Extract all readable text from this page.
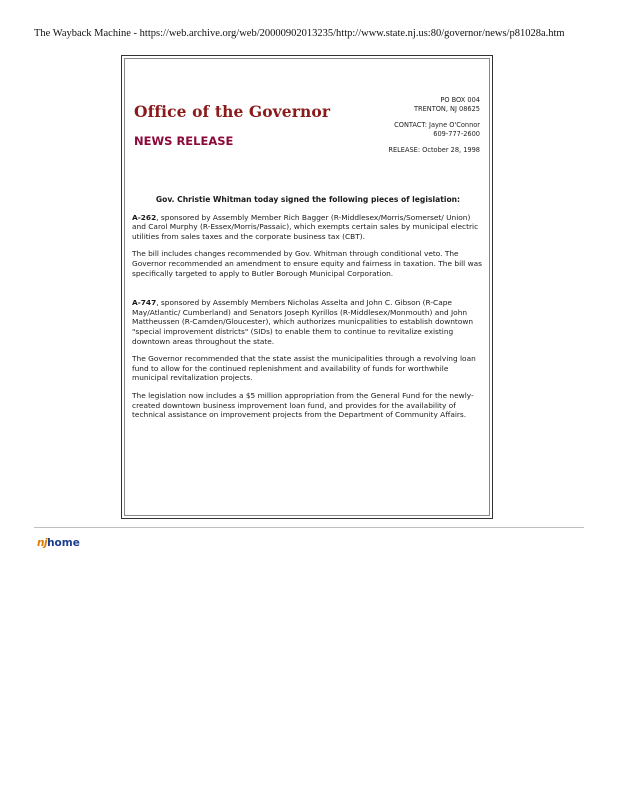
The Wayback Machine - https://web.archive.org/web/20000902013235/http://www.state.nj.us:80/governor/news/p81028a.htm
Office of the Governor
NEWS RELEASE
PO BOX 004
TRENTON, NJ 08625
CONTACT: Jayne O'Connor
609-777-2600
RELEASE: October 28, 1998
Gov. Christie Whitman today signed the following pieces of legislation:

A-262, sponsored by Assembly Member Rich Bagger (R-Middlesex/Morris/Somerset/ Union) and Carol Murphy (R-Essex/Morris/Passaic), which exempts certain sales by municipal electric utilities from sales taxes and the corporate business tax (CBT).

The bill includes changes recommended by Gov. Whitman through conditional veto. The Governor recommended an amendment to ensure equity and fairness in taxation. The bill was specifically targeted to apply to Butler Borough Municipal Corporation.

A-747, sponsored by Assembly Members Nicholas Asselta and John C. Gibson (R-Cape May/Atlantic/ Cumberland) and Senators Joseph Kyrillos (R-Middlesex/Monmouth) and John Mattheussen (R-Camden/Gloucester), which authorizes municpalities to establish downtown "special improvement districts" (SIDs) to enable them to continue to revitalize existing downtown areas throughout the state.

The Governor recommended that the state assist the municipalities through a revolving loan fund to allow for the continued replenishment and availability of funds for worthwhile municipal revitalization projects.

The legislation now includes a $5 million appropriation from the General Fund for the newly-created downtown business improvement loan fund, and provides for the availability of technical assistance on improvement projects from the Department of Community Affairs.

nj home
